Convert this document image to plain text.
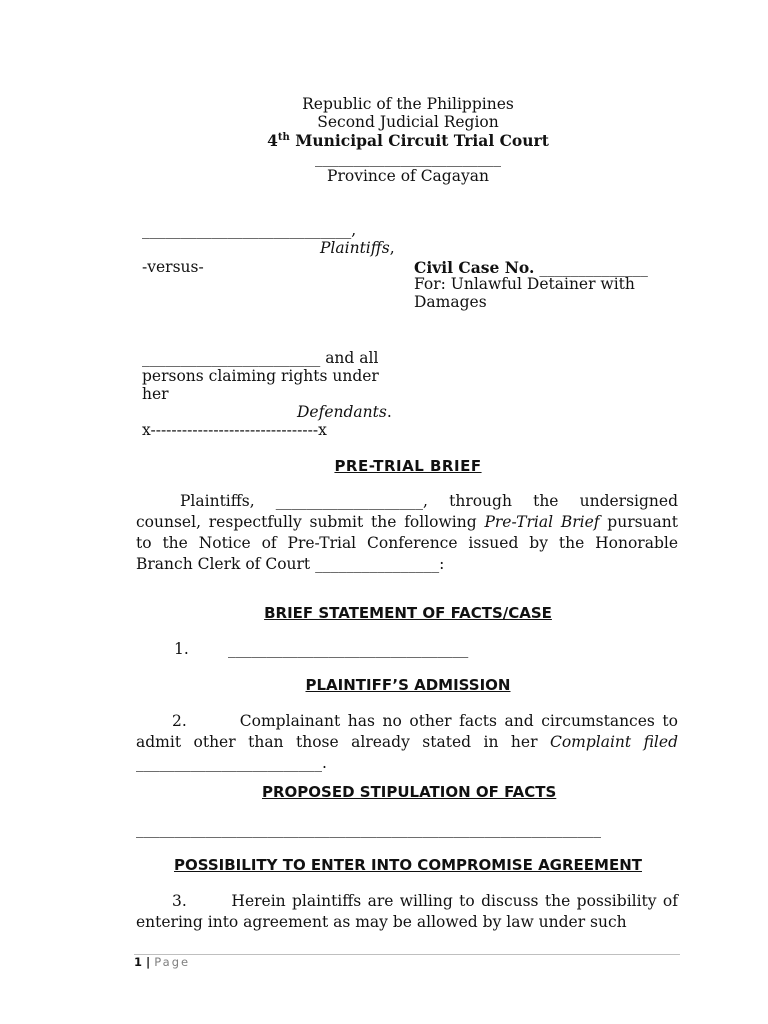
Republic of the Philippines
Second Judicial Region
4th Municipal Circuit Trial Court
________________________
Province of Cagayan
___________________________,
Plaintiffs,
-versus-	Civil Case No. ______________
For: Unlawful Detainer with
Damages
_______________________ and all
persons claiming rights under
her
Defendants.
x--------------------------------x
PRE-TRIAL BRIEF
Plaintiffs, ___________________, through the undersigned counsel, respectfully submit the following Pre-Trial Brief pursuant to the Notice of Pre-Trial Conference issued by the Honorable Branch Clerk of Court ________________:
BRIEF STATEMENT OF FACTS/CASE
1.	_______________________________
PLAINTIFF’S ADMISSION
2.	Complainant has no other facts and circumstances to admit other than those already stated in her Complaint filed ________________________.
PROPOSED STIPULATION OF FACTS
____________________________________________________________
POSSIBILITY TO ENTER INTO COMPROMISE AGREEMENT
3.	Herein plaintiffs are willing to discuss the possibility of entering into agreement as may be allowed by law under such
1 | Page
